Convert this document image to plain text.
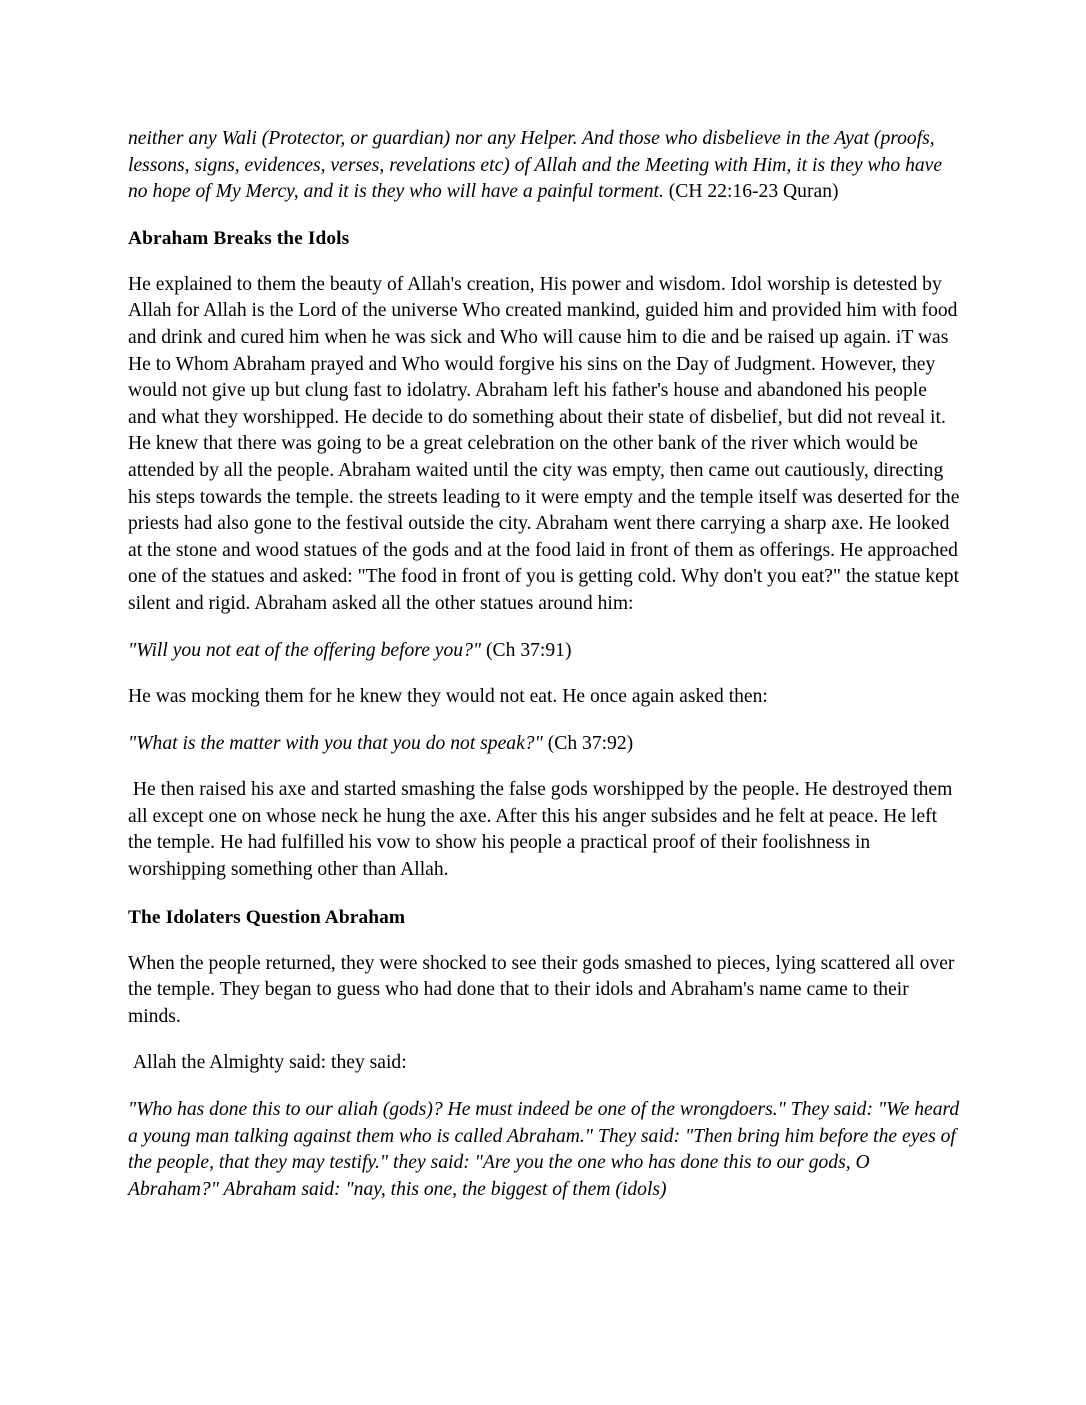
neither any Wali (Protector, or guardian) nor any Helper. And those who disbelieve in the Ayat (proofs, lessons, signs, evidences, verses, revelations etc) of Allah and the Meeting with Him, it is they who have no hope of My Mercy, and it is they who will have a painful torment. (CH 22:16-23 Quran)

Abraham Breaks the Idols

He explained to them the beauty of Allah's creation, His power and wisdom. Idol worship is detested by Allah for Allah is the Lord of the universe Who created mankind, guided him and provided him with food and drink and cured him when he was sick and Who will cause him to die and be raised up again. iT was He to Whom Abraham prayed and Who would forgive his sins on the Day of Judgment. However, they would not give up but clung fast to idolatry. Abraham left his father's house and abandoned his people and what they worshipped. He decide to do something about their state of disbelief, but did not reveal it. He knew that there was going to be a great celebration on the other bank of the river which would be attended by all the people. Abraham waited until the city was empty, then came out cautiously, directing his steps towards the temple. the streets leading to it were empty and the temple itself was deserted for the priests had also gone to the festival outside the city. Abraham went there carrying a sharp axe. He looked at the stone and wood statues of the gods and at the food laid in front of them as offerings. He approached one of the statues and asked: "The food in front of you is getting cold. Why don't you eat?" the statue kept silent and rigid. Abraham asked all the other statues around him:

"Will you not eat of the offering before you?" (Ch 37:91)

He was mocking them for he knew they would not eat. He once again asked then:

"What is the matter with you that you do not speak?" (Ch 37:92)

He then raised his axe and started smashing the false gods worshipped by the people. He destroyed them all except one on whose neck he hung the axe. After this his anger subsides and he felt at peace. He left the temple. He had fulfilled his vow to show his people a practical proof of their foolishness in worshipping something other than Allah.

The Idolaters Question Abraham

When the people returned, they were shocked to see their gods smashed to pieces, lying scattered all over the temple. They began to guess who had done that to their idols and Abraham's name came to their minds.

Allah the Almighty said: they said:

"Who has done this to our aliah (gods)? He must indeed be one of the wrongdoers." They said: "We heard a young man talking against them who is called Abraham." They said: "Then bring him before the eyes of the people, that they may testify." they said: "Are you the one who has done this to our gods, O Abraham?" Abraham said: "nay, this one, the biggest of them (idols)
